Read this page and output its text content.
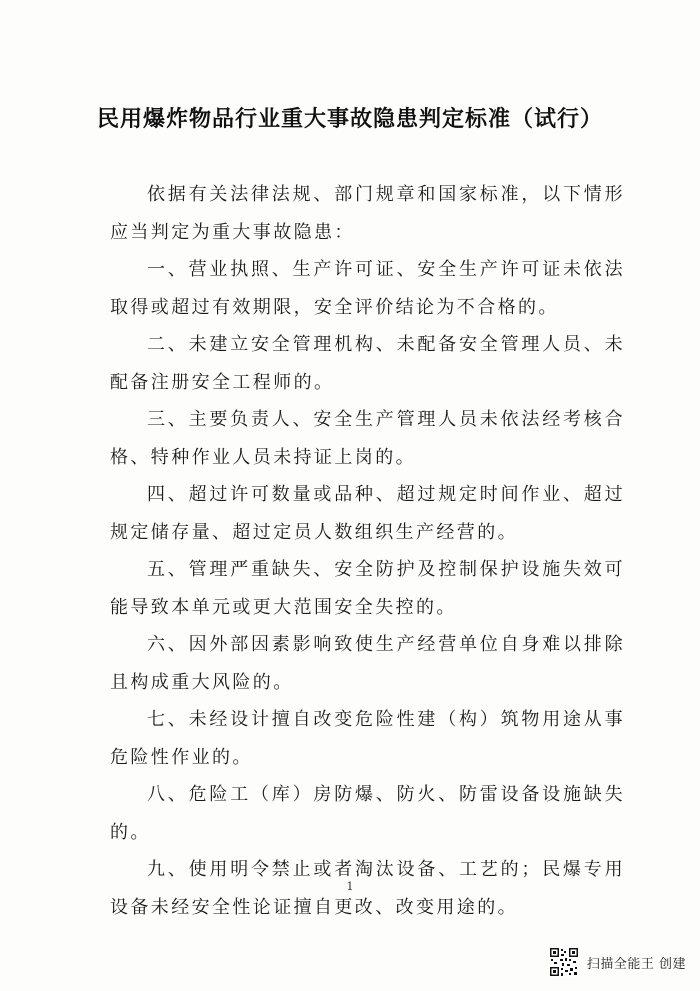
民用爆炸物品行业重大事故隐患判定标准（试行）

依据有关法律法规、部门规章和国家标准，以下情形应当判定为重大事故隐患：

一、营业执照、生产许可证、安全生产许可证未依法取得或超过有效期限，安全评价结论为不合格的。

二、未建立安全管理机构、未配备安全管理人员、未配备注册安全工程师的。

三、主要负责人、安全生产管理人员未依法经考核合格、特种作业人员未持证上岗的。

四、超过许可数量或品种、超过规定时间作业、超过规定储存量、超过定员人数组织生产经营的。

五、管理严重缺失、安全防护及控制保护设施失效可能导致本单元或更大范围安全失控的。

六、因外部因素影响致使生产经营单位自身难以排除且构成重大风险的。

七、未经设计擅自改变危险性建（构）筑物用途从事危险性作业的。

八、危险工（库）房防爆、防火、防雷设备设施缺失的。

九、使用明令禁止或者淘汰设备、工艺的；民爆专用设备未经安全性论证擅自更改、改变用途的。

1
扫描全能王 创建
